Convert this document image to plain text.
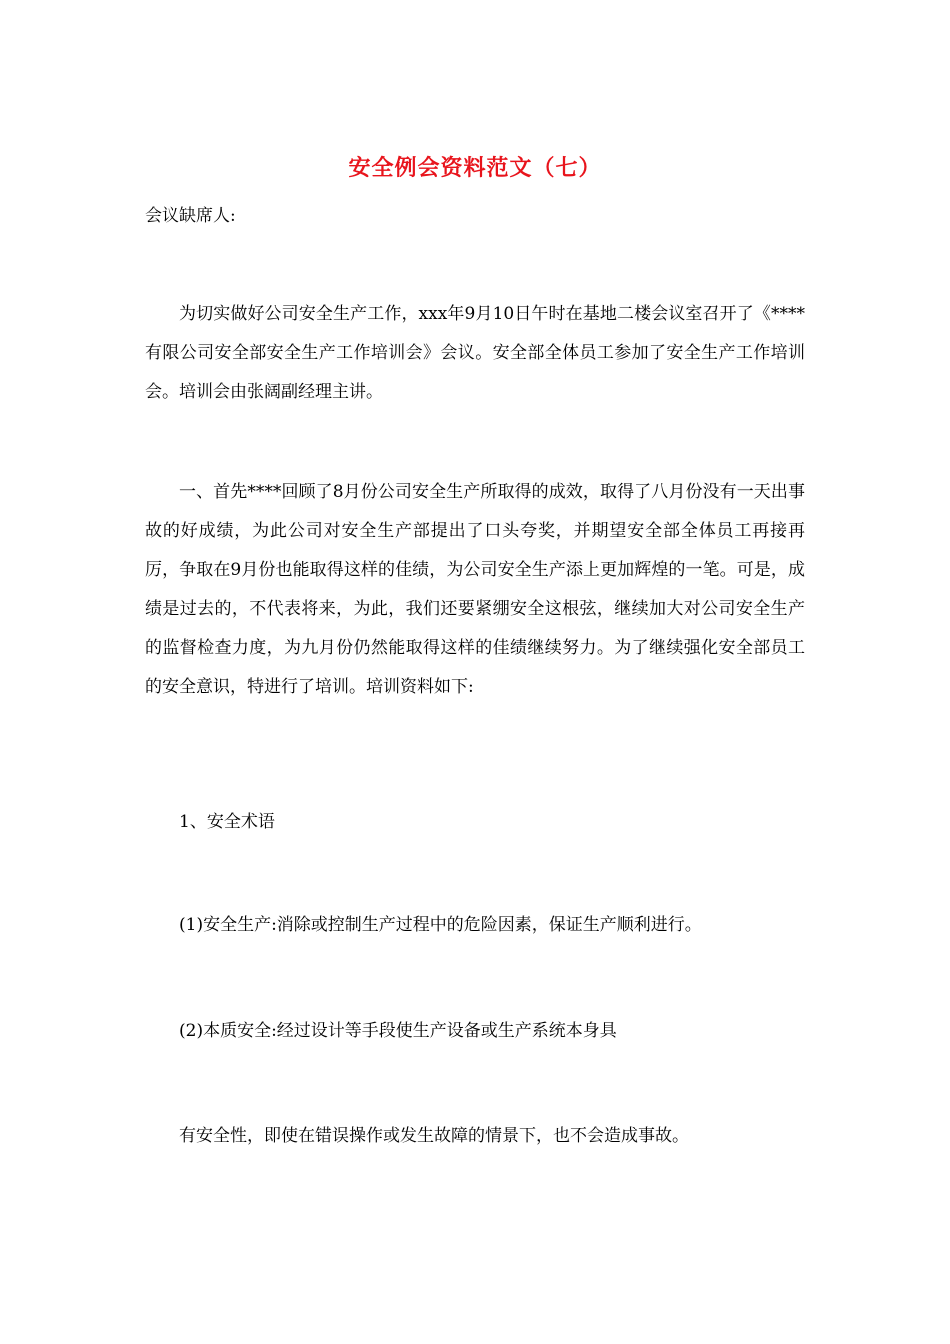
安全例会资料范文（七）
会议缺席人:
为切实做好公司安全生产工作，xxx年9月10日午时在基地二楼会议室召开了《****有限公司安全部安全生产工作培训会》会议。安全部全体员工参加了安全生产工作培训会。培训会由张阔副经理主讲。
一、首先****回顾了8月份公司安全生产所取得的成效，取得了八月份没有一天出事故的好成绩，为此公司对安全生产部提出了口头夸奖，并期望安全部全体员工再接再厉，争取在9月份也能取得这样的佳绩，为公司安全生产添上更加辉煌的一笔。可是，成绩是过去的，不代表将来，为此，我们还要紧绷安全这根弦，继续加大对公司安全生产的监督检查力度，为九月份仍然能取得这样的佳绩继续努力。为了继续强化安全部员工的安全意识，特进行了培训。培训资料如下:
1、安全术语
(1)安全生产:消除或控制生产过程中的危险因素，保证生产顺利进行。
(2)本质安全:经过设计等手段使生产设备或生产系统本身具
有安全性，即使在错误操作或发生故障的情景下，也不会造成事故。
